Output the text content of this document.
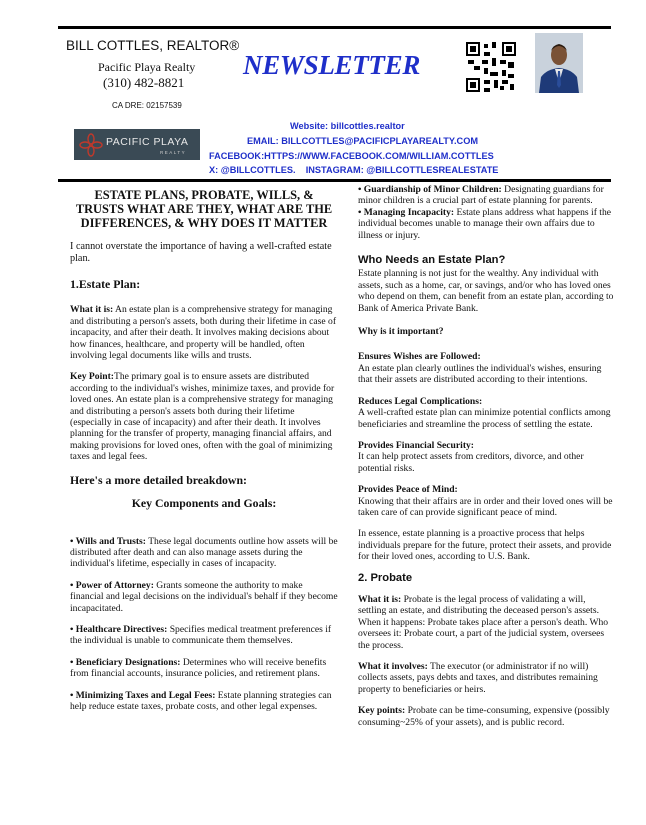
BILL COTTLES, REALTOR®
Pacific Playa Realty
(310) 482-8821
CA DRE: 02157539
NEWSLETTER
PACIFIC PLAYA
REALTY
Website: billcottles.realtor
EMAIL: BILLCOTTLES@PACIFICPLAYAREALTY.COM
FACEBOOK:HTTPS://WWW.FACEBOOK.COM/WILLIAM.COTTLES
X: @BILLCOTTLES.    INSTAGRAM: @BILLCOTTLESREALESTATE
ESTATE PLANS, PROBATE, WILLS, & TRUSTS WHAT ARE THEY, WHAT ARE THE DIFFERENCES, & WHY DOES IT MATTER

I cannot overstate the importance of having a well-crafted estate plan.

1.Estate Plan:

What it is: An estate plan is a comprehensive strategy for managing and distributing a person's assets, both during their lifetime in case of incapacity, and after their death. It involves making decisions about how finances, healthcare, and property will be handled, often involving legal documents like wills and trusts.

Key Point:The primary goal is to ensure assets are distributed according to the individual's wishes, minimize taxes, and provide for loved ones. An estate plan is a comprehensive strategy for managing and distributing a person's assets both during their lifetime (especially in case of incapacity) and after their death. It involves planning for the transfer of property, managing financial affairs, and making provisions for loved ones, often with the goal of minimizing taxes and legal fees.

Here's a more detailed breakdown:
Key Components and Goals:

• Wills and Trusts: These legal documents outline how assets will be distributed after death and can also manage assets during the individual's lifetime, especially in cases of incapacity.

• Power of Attorney: Grants someone the authority to make financial and legal decisions on the individual's behalf if they become incapacitated.

• Healthcare Directives: Specifies medical treatment preferences if the individual is unable to communicate them themselves.

• Beneficiary Designations: Determines who will receive benefits from financial accounts, insurance policies, and retirement plans.

• Minimizing Taxes and Legal Fees: Estate planning strategies can help reduce estate taxes, probate costs, and other legal expenses.

• Guardianship of Minor Children: Designating guardians for minor children is a crucial part of estate planning for parents.

• Managing Incapacity: Estate plans address what happens if the individual becomes unable to manage their own affairs due to illness or injury.

Who Needs an Estate Plan?

Estate planning is not just for the wealthy. Any individual with assets, such as a home, car, or savings, and/or who has loved ones who depend on them, can benefit from an estate plan, according to Bank of America Private Bank.

Why is it important?

Ensures Wishes are Followed:
An estate plan clearly outlines the individual's wishes, ensuring that their assets are distributed according to their intentions.

Reduces Legal Complications:
A well-crafted estate plan can minimize potential conflicts among beneficiaries and streamline the process of settling the estate.

Provides Financial Security:
It can help protect assets from creditors, divorce, and other potential risks.

Provides Peace of Mind:
Knowing that their affairs are in order and their loved ones will be taken care of can provide significant peace of mind.

In essence, estate planning is a proactive process that helps individuals prepare for the future, protect their assets, and provide for their loved ones, according to U.S. Bank.

2. Probate

What it is: Probate is the legal process of validating a will, settling an estate, and distributing the deceased person's assets. When it happens: Probate takes place after a person's death. Who oversees it: Probate court, a part of the judicial system, oversees the process.

What it involves: The executor (or administrator if no will) collects assets, pays debts and taxes, and distributes remaining property to beneficiaries or heirs.

Key points: Probate can be time-consuming, expensive (possibly consuming~25% of your assets), and is public record.
